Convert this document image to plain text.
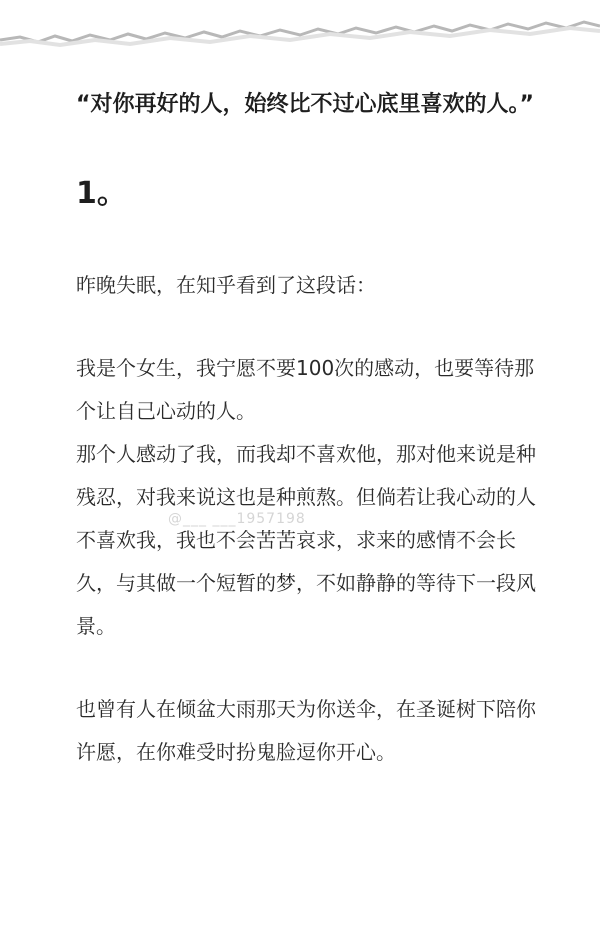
“对你再好的人，始终比不过心底里喜欢的人。”

1。

昨晚失眠，在知乎看到了这段话：

我是个女生，我宁愿不要100次的感动，也要等待那个让自己心动的人。

那个人感动了我，而我却不喜欢他，那对他来说是种残忍，对我来说这也是种煎熬。但倘若让我心动的人不喜欢我，我也不会苦苦哀求，求来的感情不会长久，与其做一个短暂的梦，不如静静的等待下一段风景。

也曾有人在倾盆大雨那天为你送伞，在圣诞树下陪你许愿，在你难受时扮鬼脸逗你开心。

@___ ___1957198
